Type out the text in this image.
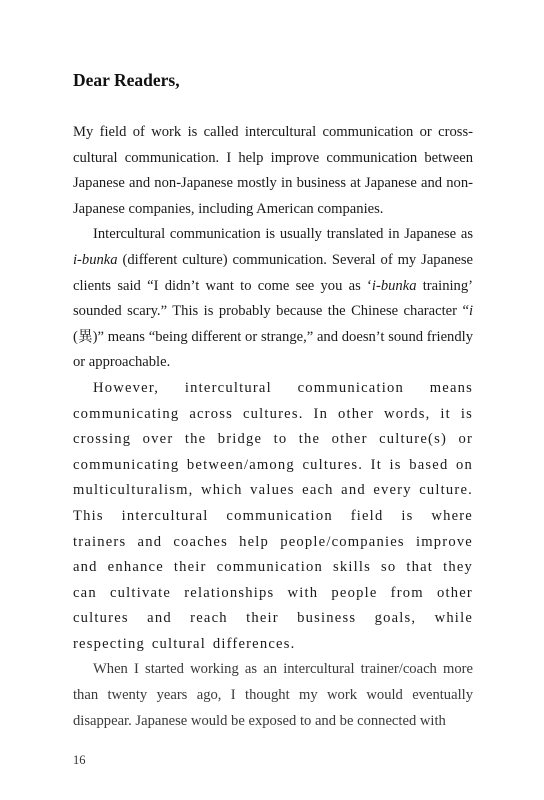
Dear Readers,

My field of work is called intercultural communication or cross-cultural communication. I help improve communication between Japanese and non-Japanese mostly in business at Japanese and non-Japanese companies, including American companies.

Intercultural communication is usually translated in Japanese as i-bunka (different culture) communication. Several of my Japanese clients said “I didn’t want to come see you as ‘i-bunka training’ sounded scary.” This is probably because the Chinese character “i (異)” means “being different or strange,” and doesn’t sound friendly or approachable.

However, intercultural communication means communicating across cultures. In other words, it is crossing over the bridge to the other culture(s) or communicating between/among cultures. It is based on multiculturalism, which values each and every culture. This intercultural communication field is where trainers and coaches help people/companies improve and enhance their communication skills so that they can cultivate relationships with people from other cultures and reach their business goals, while respecting cultural differences.

When I started working as an intercultural trainer/coach more than twenty years ago, I thought my work would eventually disappear. Japanese would be exposed to and be connected with

16
